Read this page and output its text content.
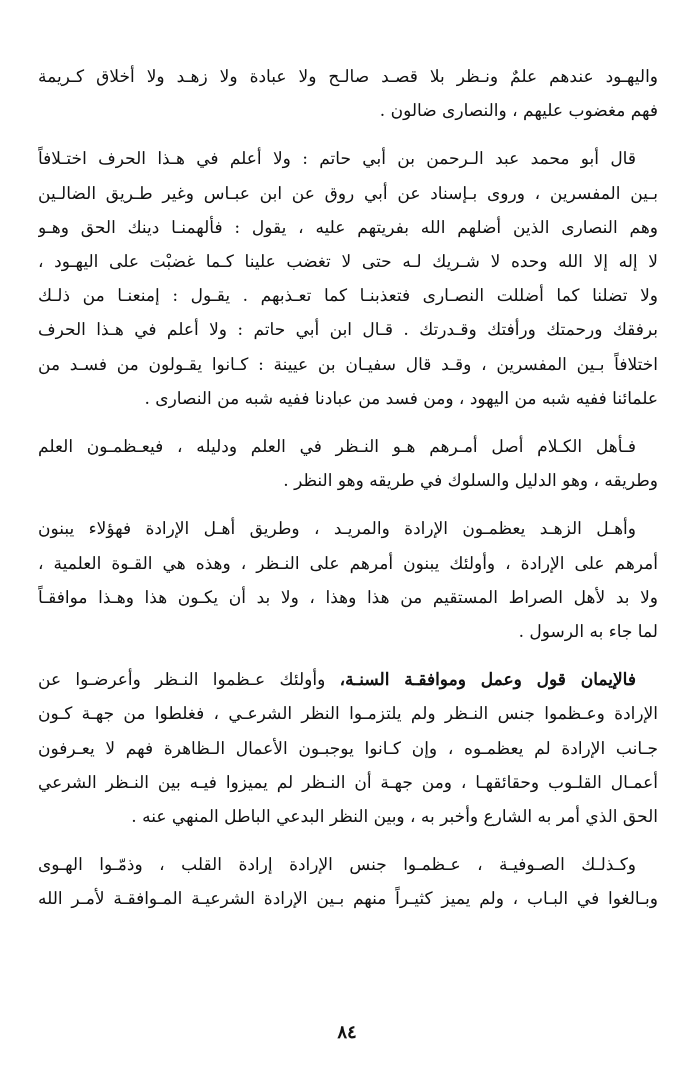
واليهـود عندهم علمٌ ونـظر بلا قصـد صالـح ولا عبادة ولا زهـد ولا أخلاق كـريمة
فهم مغضوب عليهم ، والنصارى ضالون .

قال أبو محمد عبد الـرحمن بن أبي حاتم : ولا أعلم في هـذا الحرف اختـلافاً
بـين المفسرين ، وروى بـإسناد عن أبي روق عن ابن عبـاس وغير طـريق الضالـين
وهم النصارى الذين أضلهم الله بفريتهم عليه ، يقول : فألهمنـا دينك الحق وهـو
لا إله إلا الله وحده لا شـريك لـه حتى لا تغضب علينا كـما غضبْت على اليهـود ،
ولا تضلنا كما أضللت النصـارى فتعذبنـا كما تعـذبهم . يقـول : إمنعنـا من ذلـك
برفقك ورحمتك ورأفتك وقـدرتك . قـال ابن أبي حاتم : ولا أعلم في هـذا الحرف
اختلافاً بـين المفسرين ، وقـد قال سفيـان بن عيينة : كـانوا يقـولون من فسـد من
علمائنا ففيه شبه من اليهود ، ومن فسد من عبادنا ففيه شبه من النصارى .

فـأهل الكـلام أصل أمـرهم هـو النـظر في العلم ودليله ، فيعـظمـون العلم
وطريقه ، وهو الدليل والسلوك في طريقه وهو النظر .

وأهـل الزهـد يعظمـون الإرادة والمريـد ، وطريق أهـل الإرادة فهؤلاء يبنون
أمرهم على الإرادة ، وأولئك يبنون أمرهم على النـظر ، وهذه هي القـوة العلمية ،
ولا بد لأهل الصراط المستقيم من هذا وهذا ، ولا بد أن يكـون هذا وهـذا موافقـاً
لما جاء به الرسول .

فالإيمان قول وعمل وموافقـة السنـة، وأولئك عـظموا النـظر وأعرضـوا عن
الإرادة وعـظموا جنس النـظر ولم يلتزمـوا النظر الشرعـي ، فغلطوا من جهـة كـون
جـانب الإرادة لم يعظمـوه ، وإن كـانوا يوجبـون الأعمال الـظاهرة فهم لا يعـرفون
أعمـال القلـوب وحقائقهـا ، ومن جهـة أن النـظر لم يميزوا فيـه بين النـظر الشرعي
الحق الذي أمر به الشارع وأخبر به ، وبين النظر البدعي الباطل المنهي عنه .

وكـذلـك الصـوفيـة ، عـظمـوا جنس الإرادة إرادة القلب ، وذمّـوا الهـوى
وبـالغوا في البـاب ، ولم يميز كثيـراً منهم بـين الإرادة الشرعيـة المـوافقـة لأمـر الله

٨٤
